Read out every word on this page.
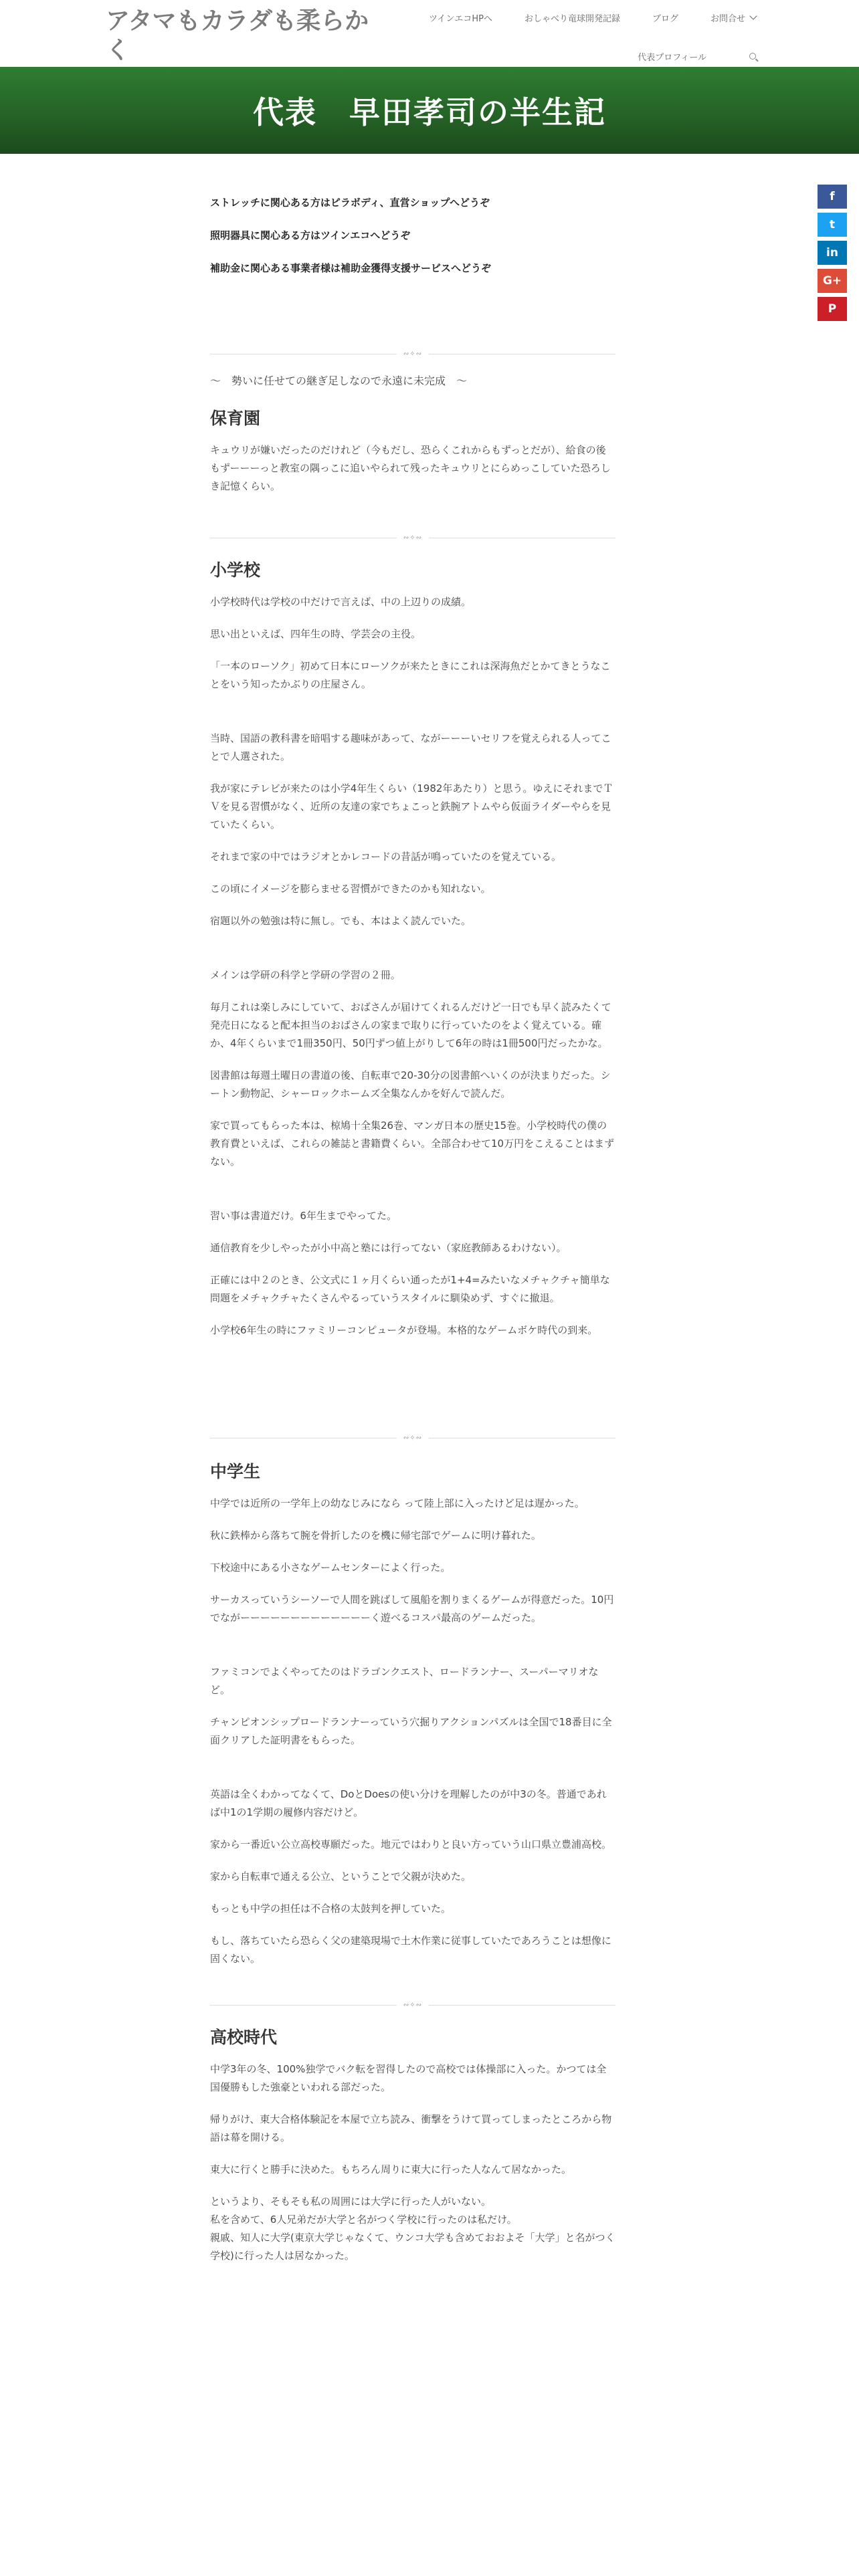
アタマもカラダも柔らかく
ツインエコHPへ	おしゃべり竜球開発記録	ブログ	お問合せ
代表プロフィール
代表　早田孝司の半生記
f
t
in
G+
P

ストレッチに関心ある方はピラボディ、直営ショップへどうぞ

照明器具に関心ある方はツインエコへどうぞ

補助金に関心ある事業者様は補助金獲得支援サービスへどうぞ

∾✧∾
～　勢いに任せての継ぎ足しなので永遠に未完成　～
保育園

キュウリが嫌いだったのだけれど（今もだし、恐らくこれからもずっとだが）、給食の後もずーーーっと教室の隅っこに追いやられて残ったキュウリとにらめっこしていた恐ろしき記憶くらい。

∾✧∾
小学校

小学校時代は学校の中だけで言えば、中の上辺りの成績。

思い出といえば、四年生の時、学芸会の主役。

「一本のローソク」初めて日本にローソクが来たときにこれは深海魚だとかてきとうなことをいう知ったかぶりの庄屋さん。

当時、国語の教科書を暗唱する趣味があって、ながーーーいセリフを覚えられる人ってことで人選された。

我が家にテレビが来たのは小学4年生くらい（1982年あたり）と思う。ゆえにそれまでＴＶを見る習慣がなく、近所の友達の家でちょこっと鉄腕アトムやら仮面ライダーやらを見ていたくらい。

それまで家の中ではラジオとかレコードの昔話が鳴っていたのを覚えている。

この頃にイメージを膨らませる習慣ができたのかも知れない。

宿題以外の勉強は特に無し。でも、本はよく読んでいた。

メインは学研の科学と学研の学習の２冊。

毎月これは楽しみにしていて、おばさんが届けてくれるんだけど一日でも早く読みたくて発売日になると配本担当のおばさんの家まで取りに行っていたのをよく覚えている。確か、4年くらいまで1冊350円、50円ずつ値上がりして6年の時は1冊500円だったかな。

図書館は毎週土曜日の書道の後、自転車で20-30分の図書館へいくのが決まりだった。シートン動物記、シャーロックホームズ全集なんかを好んで読んだ。

家で買ってもらった本は、椋鳩十全集26巻、マンガ日本の歴史15巻。小学校時代の僕の教育費といえば、これらの雑誌と書籍費くらい。全部合わせて10万円をこえることはまずない。

習い事は書道だけ。6年生までやってた。

通信教育を少しやったが小中高と塾には行ってない（家庭教師あるわけない）。

正確には中２のとき、公文式に１ヶ月くらい通ったが1+4=みたいなメチャクチャ簡単な問題をメチャクチャたくさんやるっていうスタイルに馴染めず、すぐに撤退。

小学校6年生の時にファミリーコンピュータが登場。本格的なゲームボケ時代の到来。

∾✧∾
中学生

中学では近所の一学年上の幼なじみになら って陸上部に入ったけど足は遅かった。

秋に鉄棒から落ちて腕を骨折したのを機に帰宅部でゲームに明け暮れた。

下校途中にある小さなゲームセンターによく行った。

サーカスっていうシーソーで人間を跳ばして風船を割りまくるゲームが得意だった。10円でながーーーーーーーーーーーーーく遊べるコスパ最高のゲームだった。

ファミコンでよくやってたのはドラゴンクエスト、ロードランナー、スーパーマリオなど。

チャンピオンシップロードランナーっていう穴掘りアクションパズルは全国で18番目に全面クリアした証明書をもらった。

英語は全くわかってなくて、DoとDoesの使い分けを理解したのが中3の冬。普通であれば中1の1学期の履修内容だけど。

家から一番近い公立高校専願だった。地元ではわりと良い方っていう山口県立豊浦高校。

家から自転車で通える公立、ということで父親が決めた。

もっとも中学の担任は不合格の太鼓判を押していた。

もし、落ちていたら恐らく父の建築現場で土木作業に従事していたであろうことは想像に固くない。

∾✧∾
高校時代

中学3年の冬、100%独学でバク転を習得したので高校では体操部に入った。かつては全国優勝もした強豪といわれる部だった。

帰りがけ、東大合格体験記を本屋で立ち読み、衝撃をうけて買ってしまったところから物語は幕を開ける。

東大に行くと勝手に決めた。もちろん周りに東大に行った人なんて居なかった。

というより、そもそも私の周囲には大学に行った人がいない。

私を含めて、6人兄弟だが大学と名がつく学校に行ったのは私だけ。

親戚、知人に大学(東京大学じゃなくて、ウンコ大学も含めておおよそ「大学」と名がつく学校)に行った人は居なかった。
